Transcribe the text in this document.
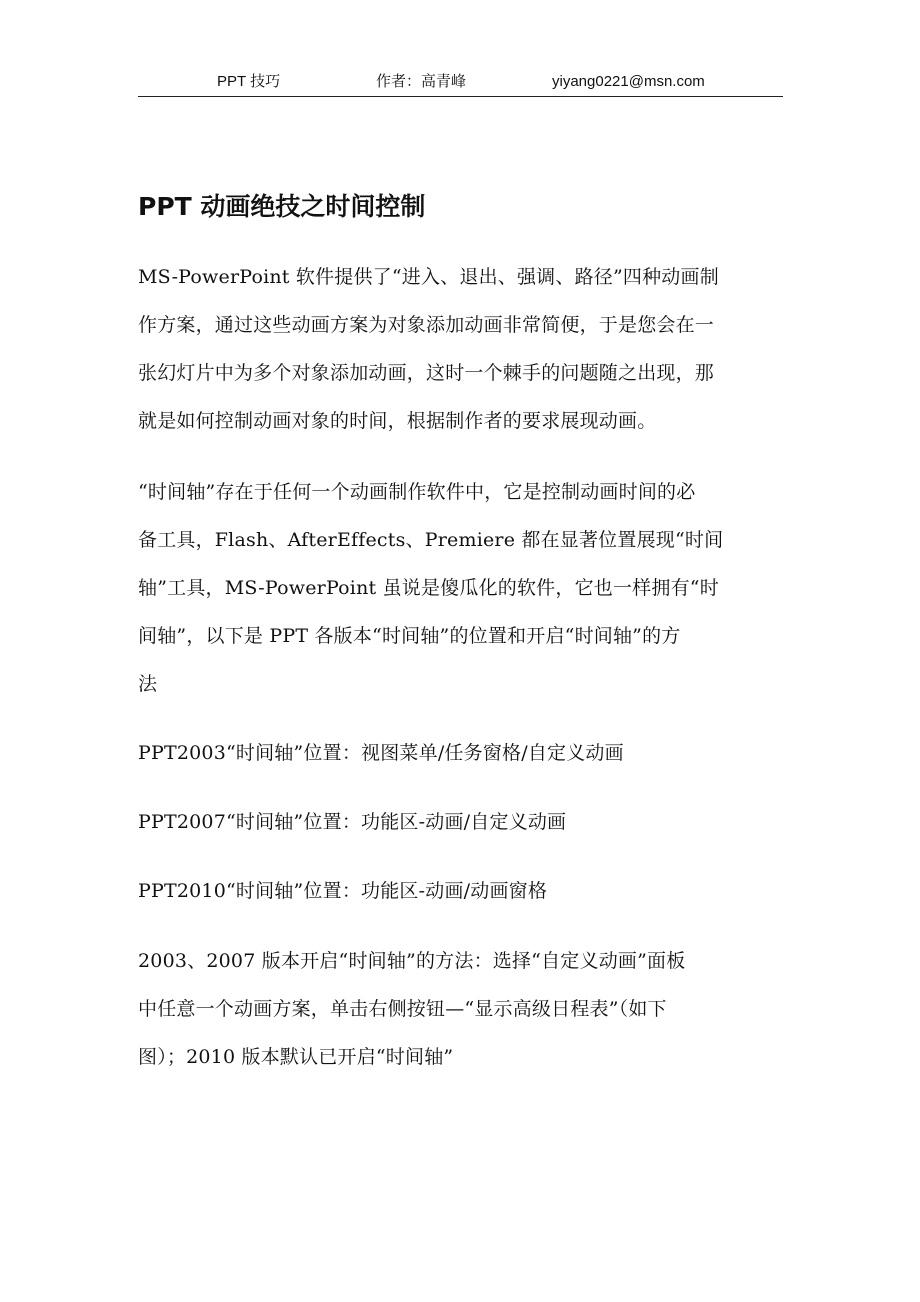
PPT 技巧	作者：高青峰	yiyang0221@msn.com
PPT 动画绝技之时间控制

MS-PowerPoint 软件提供了“进入、退出、强调、路径”四种动画制
作方案，通过这些动画方案为对象添加动画非常简便，于是您会在一
张幻灯片中为多个对象添加动画，这时一个棘手的问题随之出现，那
就是如何控制动画对象的时间，根据制作者的要求展现动画。

“时间轴”存在于任何一个动画制作软件中，它是控制动画时间的必
备工具，Flash、AfterEffects、Premiere 都在显著位置展现“时间
轴”工具，MS-PowerPoint 虽说是傻瓜化的软件，它也一样拥有“时
间轴”，以下是 PPT 各版本“时间轴”的位置和开启“时间轴”的方
法

PPT2003“时间轴”位置：视图菜单/任务窗格/自定义动画

PPT2007“时间轴”位置：功能区-动画/自定义动画

PPT2010“时间轴”位置：功能区-动画/动画窗格

2003、2007 版本开启“时间轴”的方法：选择“自定义动画”面板
中任意一个动画方案，单击右侧按钮—“显示高级日程表”（如下
图）；2010 版本默认已开启“时间轴”
